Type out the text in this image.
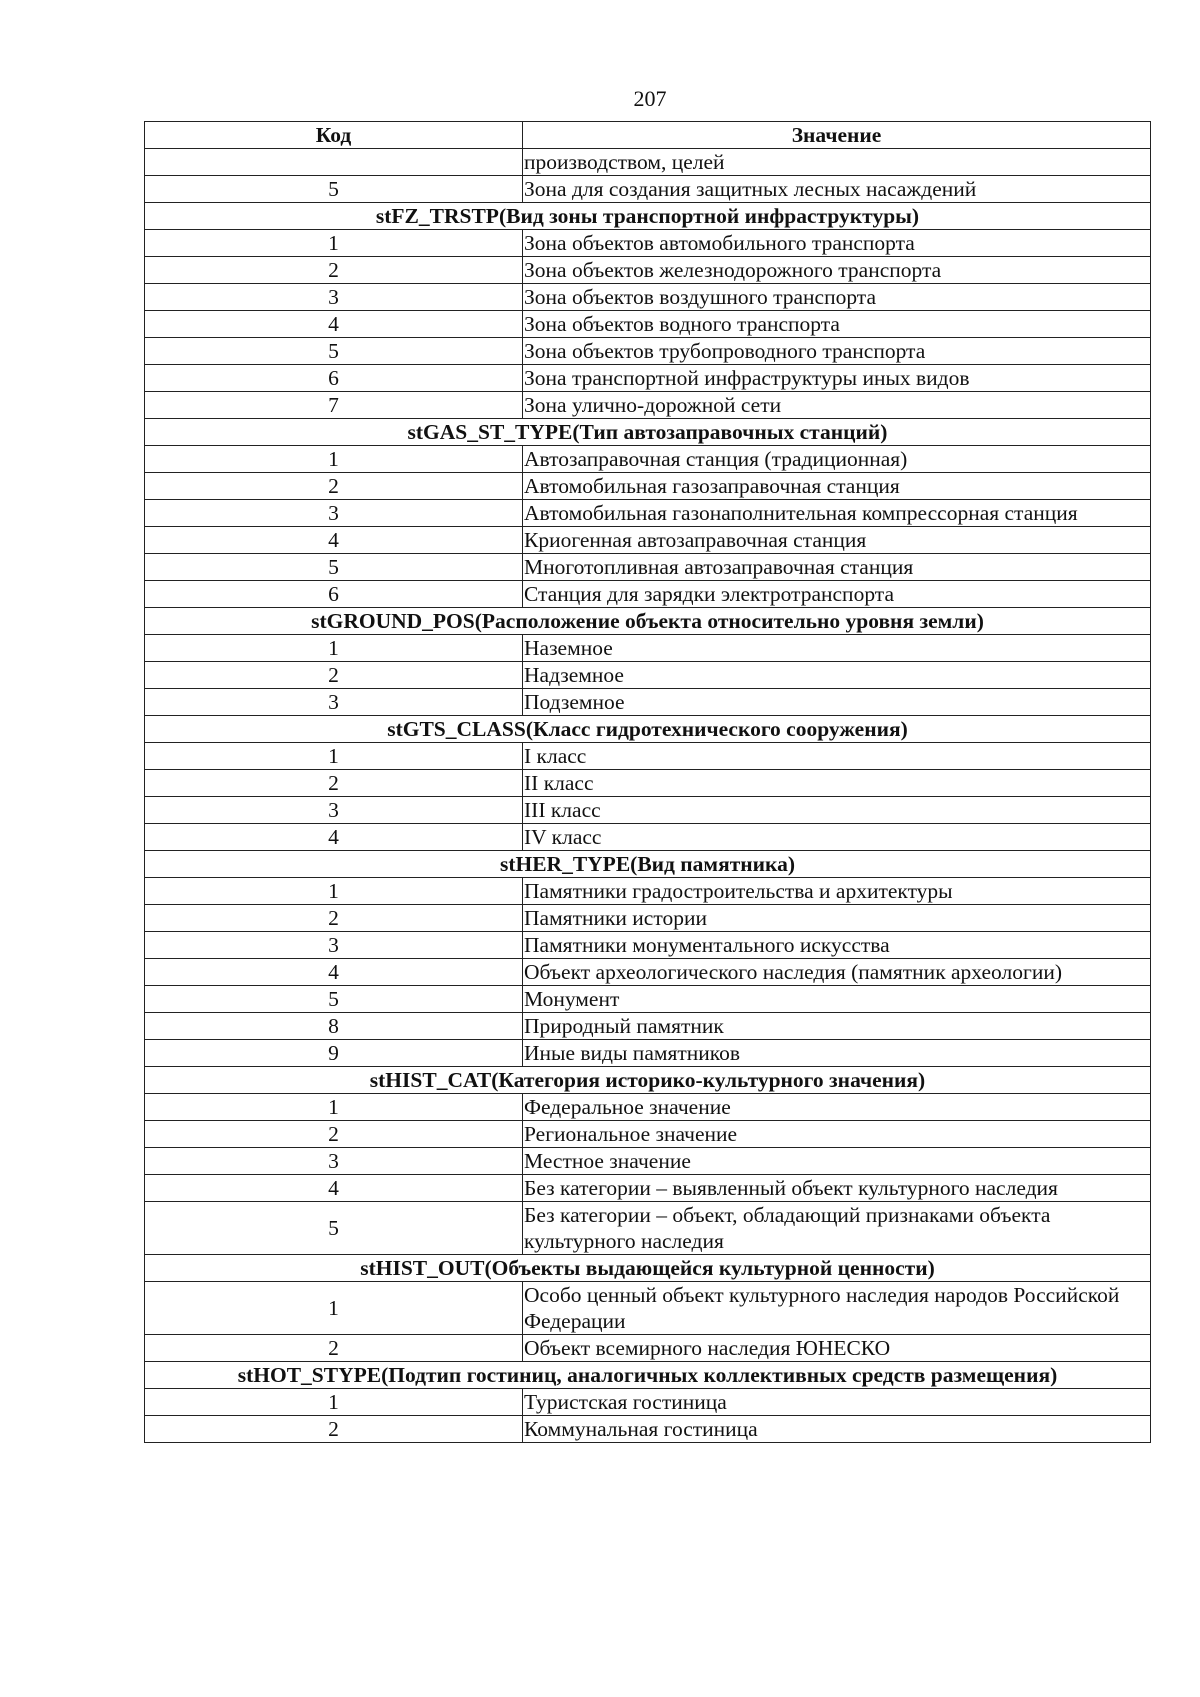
207
Код	Значение
	производством, целей
5	Зона для создания защитных лесных насаждений
stFZ_TRSTP(Вид зоны транспортной инфраструктуры)	
1	Зона объектов автомобильного транспорта
2	Зона объектов железнодорожного транспорта
3	Зона объектов воздушного транспорта
4	Зона объектов водного транспорта
5	Зона объектов трубопроводного транспорта
6	Зона транспортной инфраструктуры иных видов
7	Зона улично-дорожной сети
stGAS_ST_TYPE(Тип автозаправочных станций)	
1	Автозаправочная станция (традиционная)
2	Автомобильная газозаправочная станция
3	Автомобильная газонаполнительная компрессорная станция
4	Криогенная автозаправочная станция
5	Многотопливная автозаправочная станция
6	Станция для зарядки электротранспорта
stGROUND_POS(Расположение объекта относительно уровня земли)	
1	Наземное
2	Надземное
3	Подземное
stGTS_CLASS(Класс гидротехнического сооружения)	
1	I класс
2	II класс
3	III класс
4	IV класс
stHER_TYPE(Вид памятника)	
1	Памятники градостроительства и архитектуры
2	Памятники истории
3	Памятники монументального искусства
4	Объект археологического наследия (памятник археологии)
5	Монумент
8	Природный памятник
9	Иные виды памятников
stHIST_CAT(Категория историко-культурного значения)	
1	Федеральное значение
2	Региональное значение
3	Местное значение
4	Без категории – выявленный объект культурного наследия
5	Без категории – объект, обладающий признаками объекта культурного наследия
stHIST_OUT(Объекты выдающейся культурной ценности)	
1	Особо ценный объект культурного наследия народов Российской Федерации
2	Объект всемирного наследия ЮНЕСКО
stHOT_STYPE(Подтип гостиниц, аналогичных коллективных средств размещения)	
1	Туристская гостиница
2	Коммунальная гостиница
